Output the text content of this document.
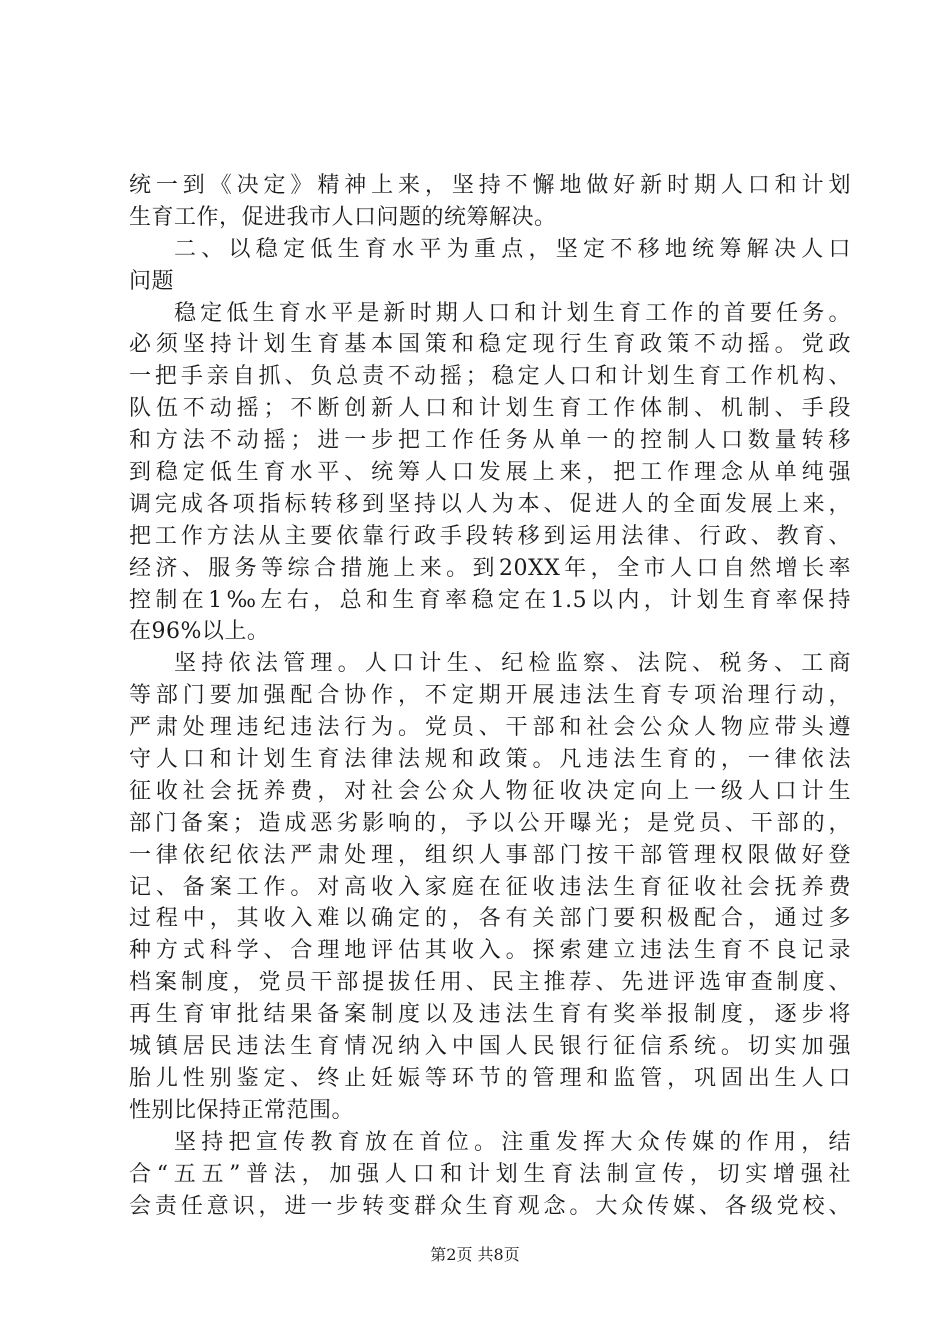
统一到《决定》精神上来，坚持不懈地做好新时期人口和计划
生育工作，促进我市人口问题的统筹解决。
二、以稳定低生育水平为重点，坚定不移地统筹解决人口
问题
稳定低生育水平是新时期人口和计划生育工作的首要任务。
必须坚持计划生育基本国策和稳定现行生育政策不动摇。党政
一把手亲自抓、负总责不动摇；稳定人口和计划生育工作机构、
队伍不动摇；不断创新人口和计划生育工作体制、机制、手段
和方法不动摇；进一步把工作任务从单一的控制人口数量转移
到稳定低生育水平、统筹人口发展上来，把工作理念从单纯强
调完成各项指标转移到坚持以人为本、促进人的全面发展上来，
把工作方法从主要依靠行政手段转移到运用法律、行政、教育、
经济、服务等综合措施上来。到20XX年，全市人口自然增长率
控制在1‰左右，总和生育率稳定在1.5以内，计划生育率保持
在96%以上。
坚持依法管理。人口计生、纪检监察、法院、税务、工商
等部门要加强配合协作，不定期开展违法生育专项治理行动，
严肃处理违纪违法行为。党员、干部和社会公众人物应带头遵
守人口和计划生育法律法规和政策。凡违法生育的，一律依法
征收社会抚养费，对社会公众人物征收决定向上一级人口计生
部门备案；造成恶劣影响的，予以公开曝光；是党员、干部的，
一律依纪依法严肃处理，组织人事部门按干部管理权限做好登
记、备案工作。对高收入家庭在征收违法生育征收社会抚养费
过程中，其收入难以确定的，各有关部门要积极配合，通过多
种方式科学、合理地评估其收入。探索建立违法生育不良记录
档案制度，党员干部提拔任用、民主推荐、先进评选审查制度、
再生育审批结果备案制度以及违法生育有奖举报制度，逐步将
城镇居民违法生育情况纳入中国人民银行征信系统。切实加强
胎儿性别鉴定、终止妊娠等环节的管理和监管，巩固出生人口
性别比保持正常范围。
坚持把宣传教育放在首位。注重发挥大众传媒的作用，结
合“五五”普法，加强人口和计划生育法制宣传，切实增强社
会责任意识，进一步转变群众生育观念。大众传媒、各级党校、
第2页 共8页
